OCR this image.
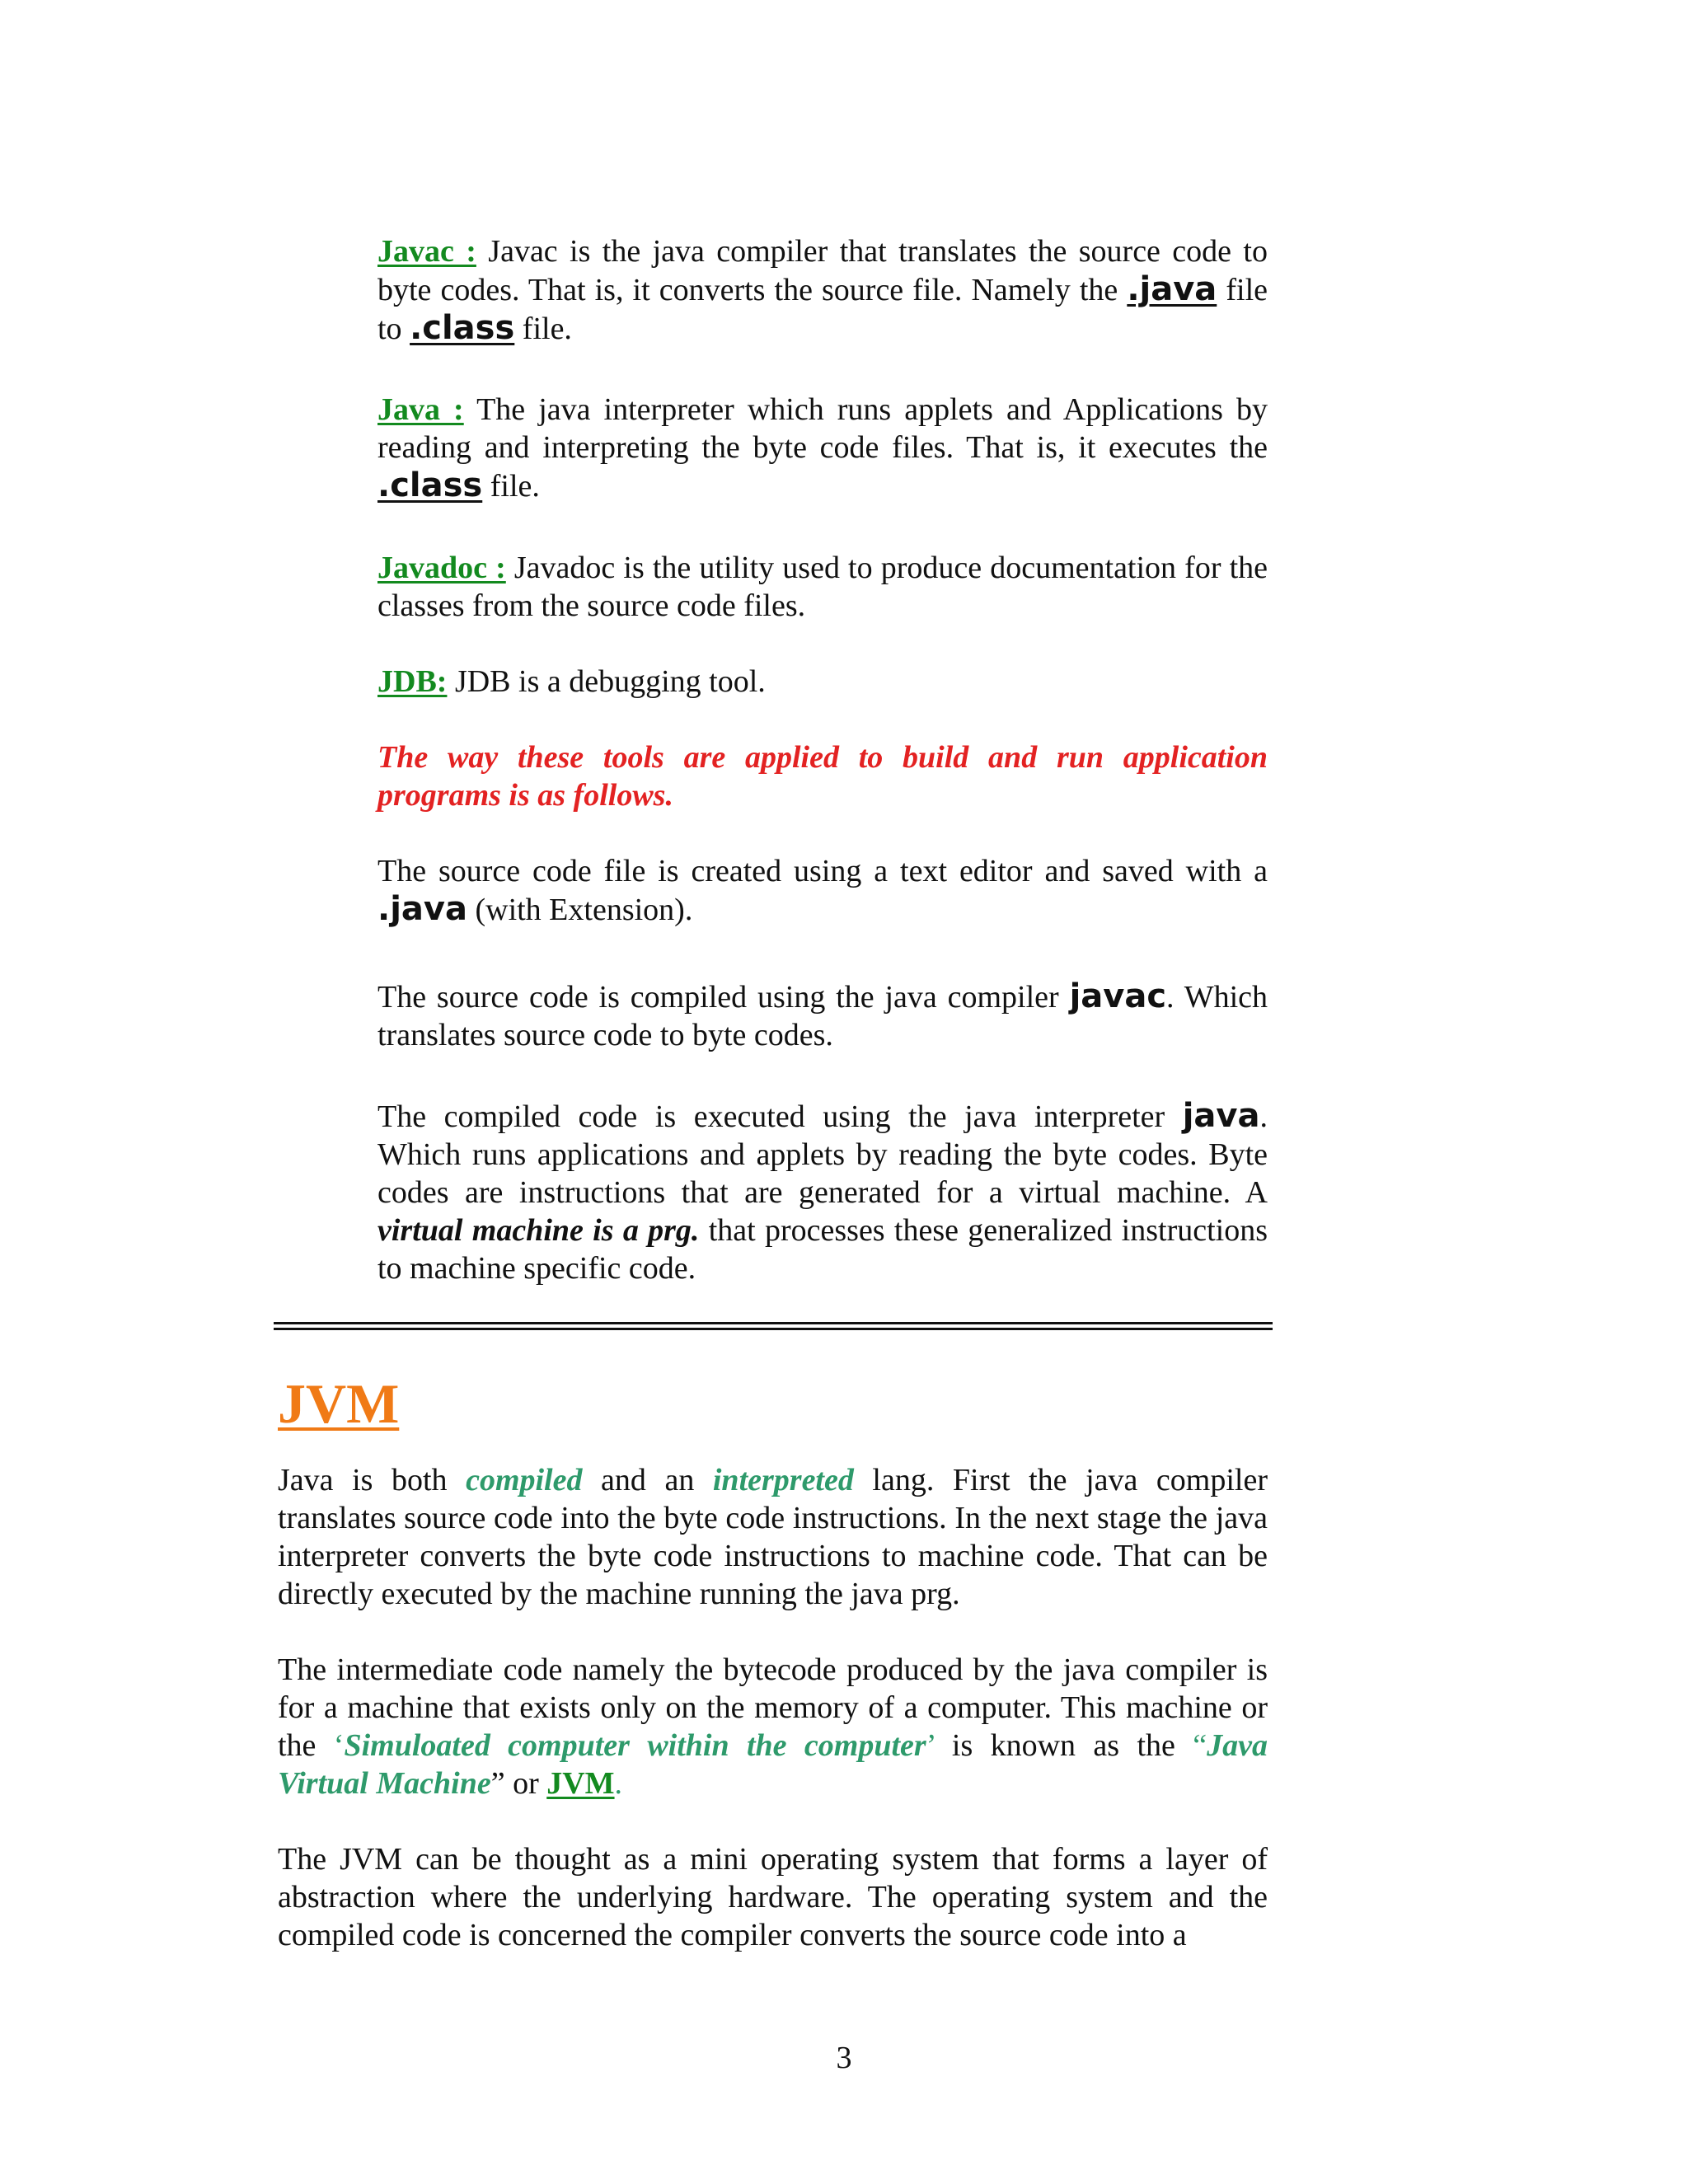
Javac : Javac is the java compiler that translates the source code to byte codes. That is, it converts the source file. Namely the .java file to .class file.

Java : The java interpreter which runs applets and Applications by reading and interpreting the byte code files. That is, it executes the .class file.

Javadoc : Javadoc is the utility used to produce documentation for the classes from the source code files.

JDB: JDB is a debugging tool.

The way these tools are applied to build and run application programs is as follows.

The source code file is created using a text editor and saved with a .java (with Extension).

The source code is compiled using the java compiler javac. Which translates source code to byte codes.

The compiled code is executed using the java interpreter java. Which runs applications and applets by reading the byte codes. Byte codes are instructions that are generated for a virtual machine. A virtual machine is a prg. that processes these generalized instructions to machine specific code.

JVM

Java is both compiled and an interpreted lang. First the java compiler translates source code into the byte code instructions. In the next stage the java interpreter converts the byte code instructions to machine code. That can be directly executed by the machine running the java prg.

The intermediate code namely the bytecode produced by the java compiler is for a machine that exists only on the memory of a computer. This machine or the ‘Simuloated computer within the computer’ is known as the “Java Virtual Machine” or JVM.

The JVM can be thought as a mini operating system that forms a layer of abstraction where the underlying hardware. The operating system and the compiled code is concerned the compiler converts the source code into a

3
